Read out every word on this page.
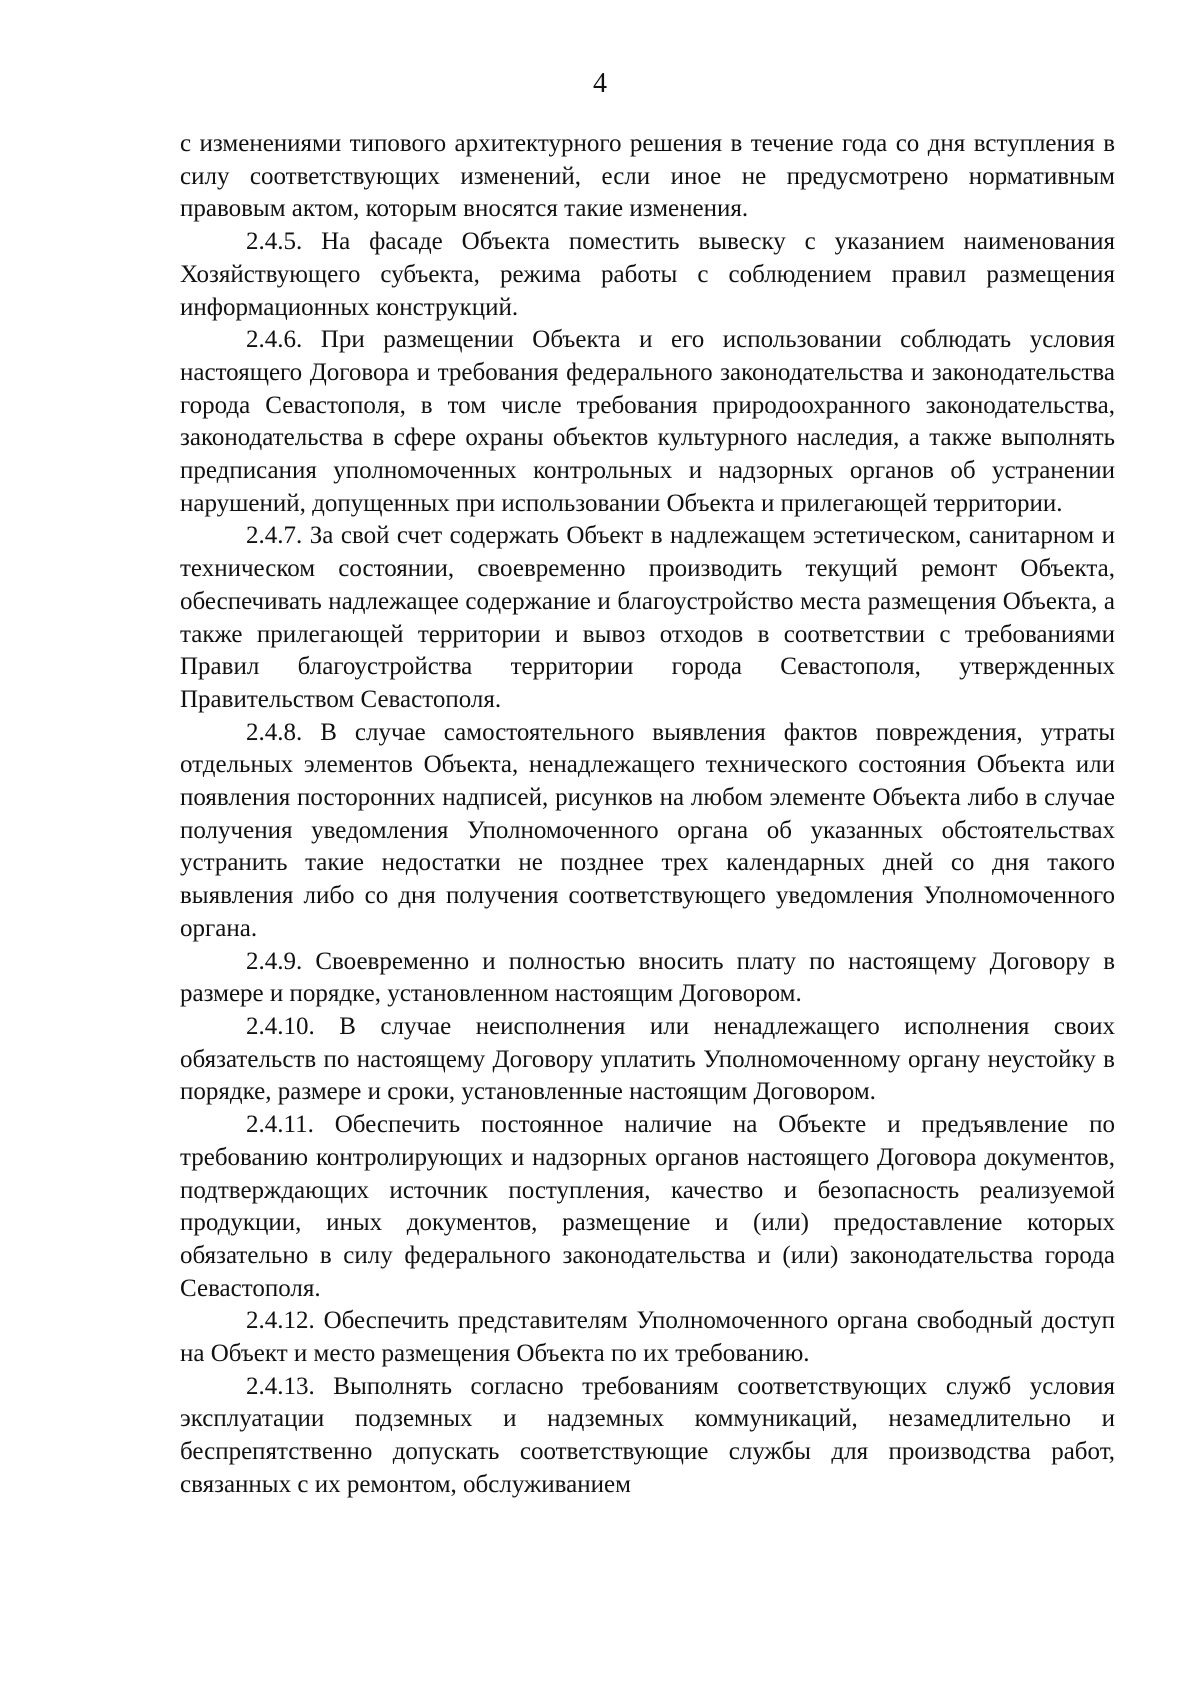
4

с изменениями типового архитектурного решения в течение года со дня вступления в силу соответствующих изменений, если иное не предусмотрено нормативным правовым актом, которым вносятся такие изменения.

2.4.5. На фасаде Объекта поместить вывеску с указанием наименования Хозяйствующего субъекта, режима работы с соблюдением правил размещения информационных конструкций.

2.4.6. При размещении Объекта и его использовании соблюдать условия настоящего Договора и требования федерального законодательства и законодательства города Севастополя, в том числе требования природоохранного законодательства, законодательства в сфере охраны объектов культурного наследия, а также выполнять предписания уполномоченных контрольных и надзорных органов об устранении нарушений, допущенных при использовании Объекта и прилегающей территории.

2.4.7. За свой счет содержать Объект в надлежащем эстетическом, санитарном и техническом состоянии, своевременно производить текущий ремонт Объекта, обеспечивать надлежащее содержание и благоустройство места размещения Объекта, а также прилегающей территории и вывоз отходов в соответствии с требованиями Правил благоустройства территории города Севастополя, утвержденных Правительством Севастополя.

2.4.8. В случае самостоятельного выявления фактов повреждения, утраты отдельных элементов Объекта, ненадлежащего технического состояния Объекта или появления посторонних надписей, рисунков на любом элементе Объекта либо в случае получения уведомления Уполномоченного органа об указанных обстоятельствах устранить такие недостатки не позднее трех календарных дней со дня такого выявления либо со дня получения соответствующего уведомления Уполномоченного органа.

2.4.9. Своевременно и полностью вносить плату по настоящему Договору в размере и порядке, установленном настоящим Договором.

2.4.10. В случае неисполнения или ненадлежащего исполнения своих обязательств по настоящему Договору уплатить Уполномоченному органу неустойку в порядке, размере и сроки, установленные настоящим Договором.

2.4.11. Обеспечить постоянное наличие на Объекте и предъявление по требованию контролирующих и надзорных органов настоящего Договора документов, подтверждающих источник поступления, качество и безопасность реализуемой продукции, иных документов, размещение и (или) предоставление которых обязательно в силу федерального законодательства и (или) законодательства города Севастополя.

2.4.12. Обеспечить представителям Уполномоченного органа свободный доступ на Объект и место размещения Объекта по их требованию.

2.4.13. Выполнять согласно требованиям соответствующих служб условия эксплуатации подземных и надземных коммуникаций, незамедлительно и беспрепятственно допускать соответствующие службы для производства работ, связанных с их ремонтом, обслуживанием
